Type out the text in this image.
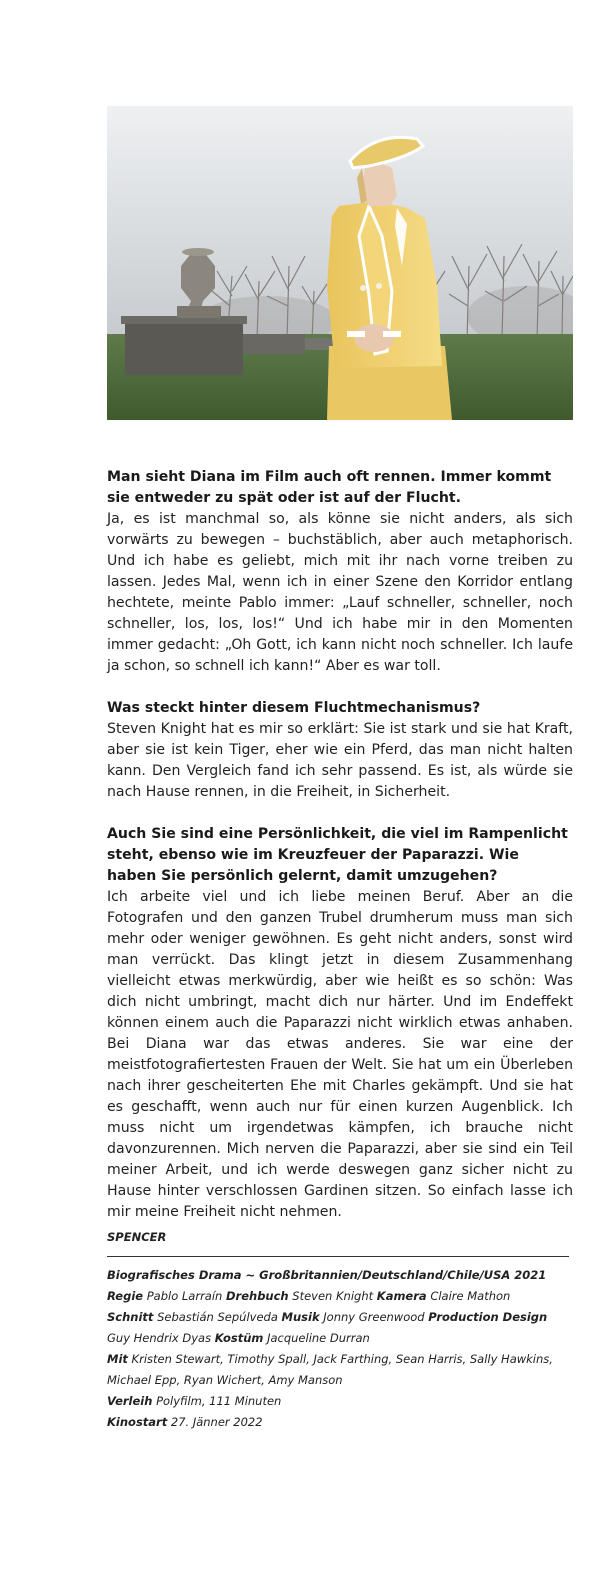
Man sieht Diana im Film auch oft rennen. Immer kommt sie entweder zu spät oder ist auf der Flucht.

Ja, es ist manchmal so, als könne sie nicht anders, als sich vorwärts zu bewegen – buchstäblich, aber auch metaphorisch. Und ich habe es geliebt, mich mit ihr nach vorne treiben zu lassen. Jedes Mal, wenn ich in einer Szene den Korridor entlang hechtete, meinte Pablo immer: „Lauf schneller, schneller, noch schneller, los, los, los!“ Und ich habe mir in den Momenten immer gedacht: „Oh Gott, ich kann nicht noch schneller. Ich laufe ja schon, so schnell ich kann!“ Aber es war toll.

Was steckt hinter diesem Fluchtmechanismus?

Steven Knight hat es mir so erklärt: Sie ist stark und sie hat Kraft, aber sie ist kein Tiger, eher wie ein Pferd, das man nicht halten kann. Den Vergleich fand ich sehr passend. Es ist, als würde sie nach Hause rennen, in die Freiheit, in Sicherheit.

Auch Sie sind eine Persönlichkeit, die viel im Rampenlicht steht, ebenso wie im Kreuzfeuer der Paparazzi. Wie haben Sie persönlich gelernt, damit umzugehen?

Ich arbeite viel und ich liebe meinen Beruf. Aber an die Fotografen und den ganzen Trubel drumherum muss man sich mehr oder weniger gewöhnen. Es geht nicht anders, sonst wird man verrückt. Das klingt jetzt in diesem Zusammenhang vielleicht etwas merkwürdig, aber wie heißt es so schön: Was dich nicht umbringt, macht dich nur härter. Und im Endeffekt können einem auch die Paparazzi nicht wirklich etwas anhaben. Bei Diana war das etwas anderes. Sie war eine der meistfotografiertesten Frauen der Welt. Sie hat um ein Überleben nach ihrer gescheiterten Ehe mit Charles gekämpft. Und sie hat es geschafft, wenn auch nur für einen kurzen Augenblick. Ich muss nicht um irgendetwas kämpfen, ich brauche nicht davonzurennen. Mich nerven die Paparazzi, aber sie sind ein Teil meiner Arbeit, und ich werde deswegen ganz sicher nicht zu Hause hinter verschlossen Gardinen sitzen. So einfach lasse ich mir meine Freiheit nicht nehmen.

SPENCER

Biografisches Drama ~ Großbritannien/Deutschland/Chile/USA 2021

Regie Pablo Larraín Drehbuch Steven Knight Kamera Claire Mathon

Schnitt Sebastián Sepúlveda Musik Jonny Greenwood Production Design Guy Hendrix Dyas Kostüm Jacqueline Durran

Mit Kristen Stewart, Timothy Spall, Jack Farthing, Sean Harris, Sally Hawkins, Michael Epp, Ryan Wichert, Amy Manson

Verleih Polyfilm, 111 Minuten

Kinostart 27. Jänner 2022
